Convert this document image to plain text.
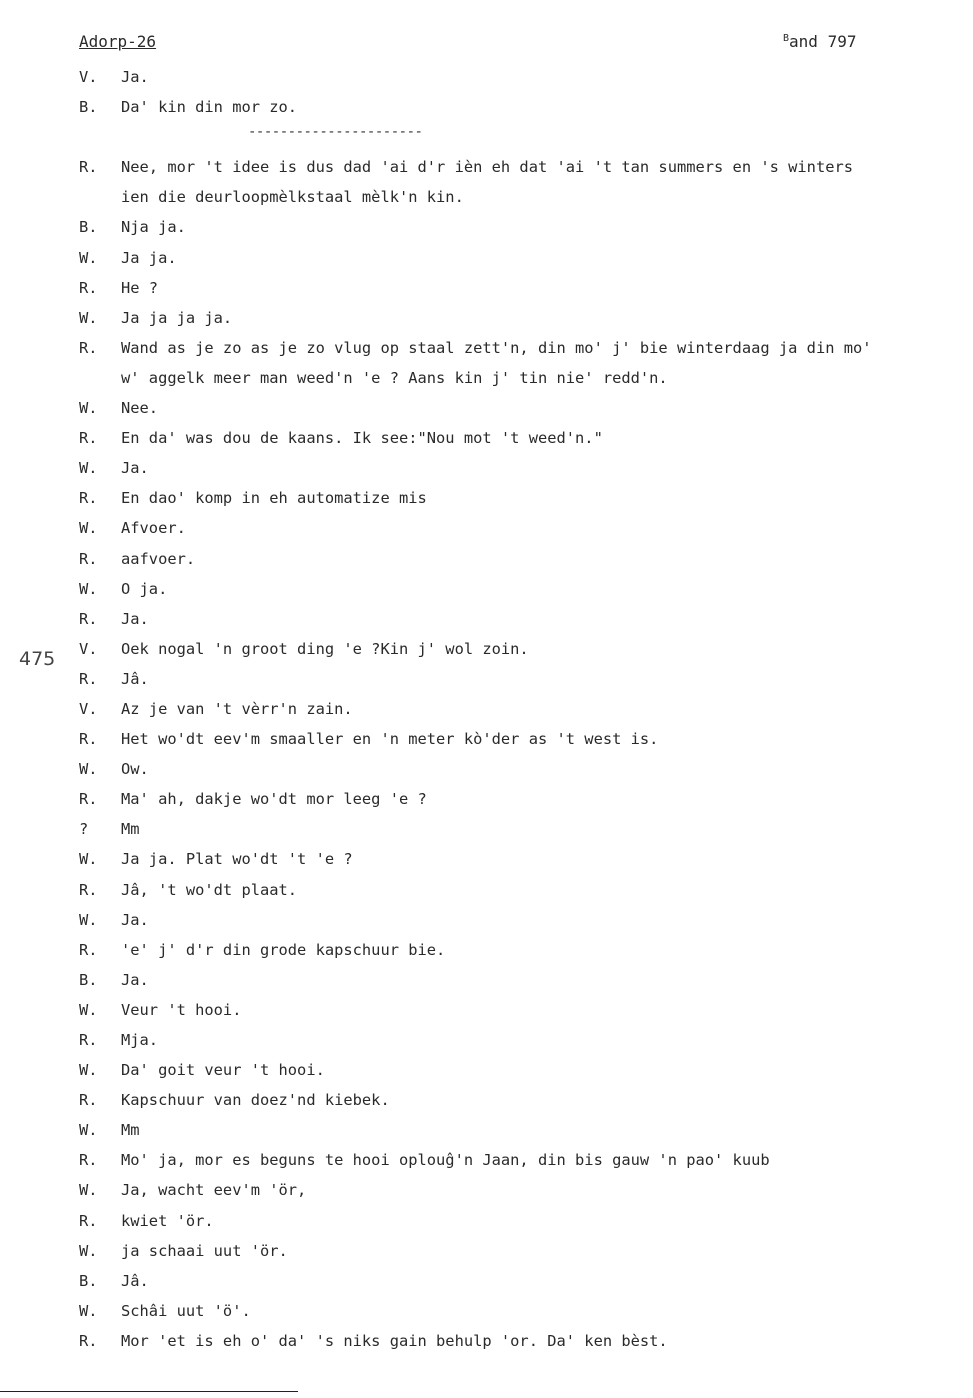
Adorp-26	$^B$and 797
----------------------
475
V. Ja.
B. Da' kin din mor zo.
R. Nee, mor 't idee is dus dad 'ai d'r ièn eh dat 'ai 't tan summers en 's winters
ien die deurloopmèlkstaal mèlk'n kin.
B. Nja ja.
W. Ja ja.
R. He ?
W. Ja ja ja ja.
R. Wand as je zo as je zo vlug op staal zett'n, din mo' j' bie winterdaag ja din mo'
w' aggelk meer man weed'n 'e ? Aans kin j' tin nie' redd'n.
W. Nee.
R. En da' was dou de kaans. Ik see:"Nou mot 't weed'n."
W. Ja.
R. En dao' komp in eh automatize mis
W. Afvoer.
R. aafvoer.
W. O ja.
R. Ja.
V. Oek nogal 'n groot ding 'e ?Kin j' wol zoin.
R. Jâ.
V. Az je van 't vèrr'n zain.
R. Het wo'dt eev'm smaaller en 'n meter kò'der as 't west is.
W. Ow.
R. Ma' ah, dakje wo'dt mor leeg 'e ?
? Mm
W. Ja ja. Plat wo'dt 't 'e ?
R. Jâ, 't wo'dt plaat.
W. Ja.
R. 'e' j' d'r din grode kapschuur bie.
B. Ja.
W. Veur 't hooi.
R. Mja.
W. Da' goit veur 't hooi.
R. Kapschuur van doez'nd kiebek.
W. Mm
R. Mo' ja, mor es beguns te hooi oplouĝ'n Jaan, din bis gauw 'n pao' kuub
W. Ja, wacht eev'm 'ör,
R. kwiet 'ör.
W. ja schaai uut 'ör.
B. Jâ.
W. Schâi uut 'ö'.
R. Mor 'et is eh o' da' 's niks gain behulp 'or. Da' ken bèst.
